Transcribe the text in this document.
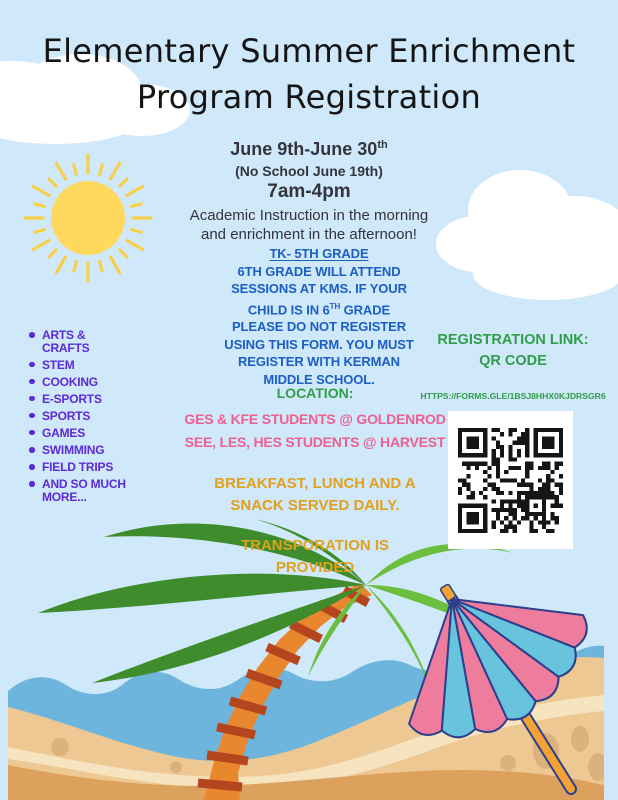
Elementary Summer Enrichment
Program Registration
June 9th-June 30th
(No School June 19th)
7am-4pm
Academic Instruction in the morning
and enrichment in the afternoon!
TK- 5TH GRADE
6TH GRADE WILL ATTEND
SESSIONS AT KMS. IF YOUR
CHILD IS IN 6TH GRADE
PLEASE DO NOT REGISTER
USING THIS FORM. YOU MUST
REGISTER WITH KERMAN
MIDDLE SCHOOL.
ARTS & CRAFTS
STEM
COOKING
E-SPORTS
SPORTS
GAMES
SWIMMING
FIELD TRIPS
AND SO MUCH MORE...
LOCATION:
GES & KFE STUDENTS @ GOLDENROD
SEE, LES, HES STUDENTS @ HARVEST
BREAKFAST, LUNCH AND A
SNACK SERVED DAILY.
TRANSPORATION IS
PROVIDED
REGISTRATION LINK:
QR CODE
HTTPS://FORMS.GLE/1BSJ8HHX0KJDRSGR6
